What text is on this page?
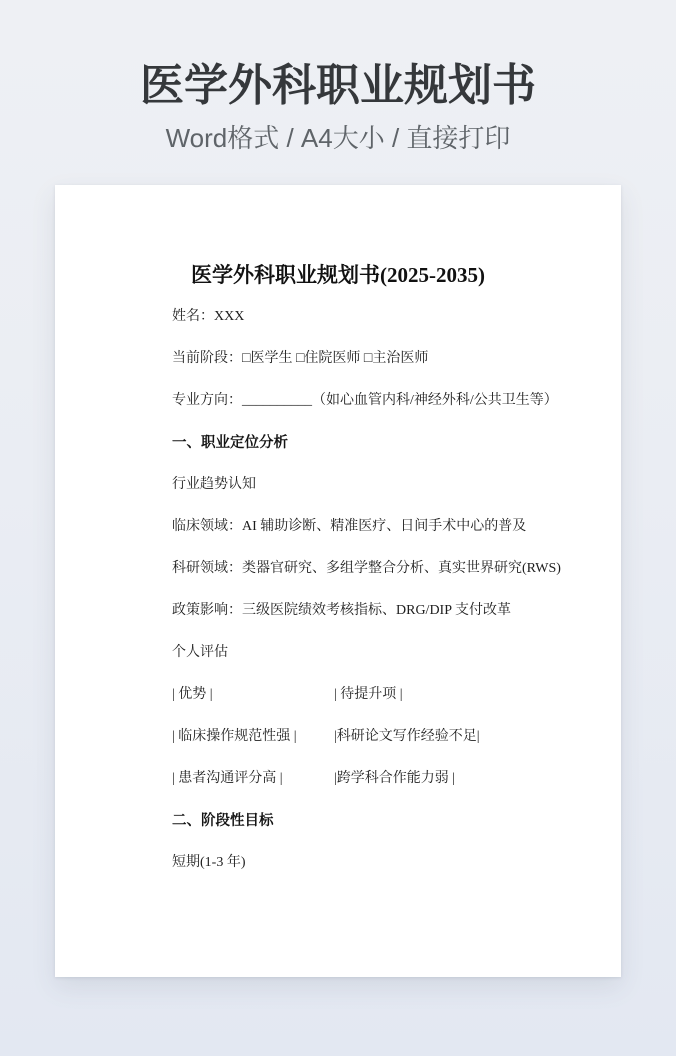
医学外科职业规划书
Word格式 / A4大小 / 直接打印
医学外科职业规划书(2025-2035)
姓名：XXX
当前阶段：□医学生 □住院医师 □主治医师
专业方向：__________（如心血管内科/神经外科/公共卫生等）
一、职业定位分析
行业趋势认知
临床领域：AI 辅助诊断、精准医疗、日间手术中心的普及
科研领域：类器官研究、多组学整合分析、真实世界研究(RWS)
政策影响：三级医院绩效考核指标、DRG/DIP 支付改革
个人评估
| 优势 |	| 待提升项 |
| 临床操作规范性强 |	|科研论文写作经验不足|
| 患者沟通评分高 |	|跨学科合作能力弱 |
二、阶段性目标
短期(1-3 年)
